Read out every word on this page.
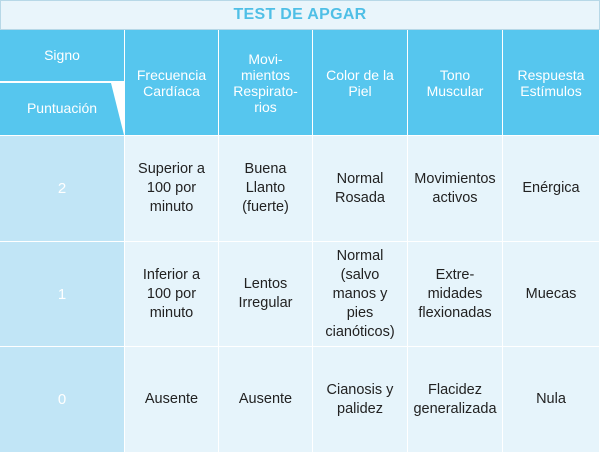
TEST DE APGAR
Signo
Puntuación
Frecuencia Cardíaca
Movi-
mientos
Respirato-
rios
Color de la Piel
Tono Muscular
Respuesta Estímulos
2
Superior a
100 por
minuto
Buena
Llanto
(fuerte)
Normal
Rosada
Movimientos
activos
Enérgica
1
Inferior a
100 por
minuto
Lentos
Irregular
Normal
(salvo
manos y
pies
cianóticos)
Extre-
midades
flexionadas
Muecas
0	Ausente	Ausente
Cianosis y
palidez
Flacidez
generalizada
Nula
